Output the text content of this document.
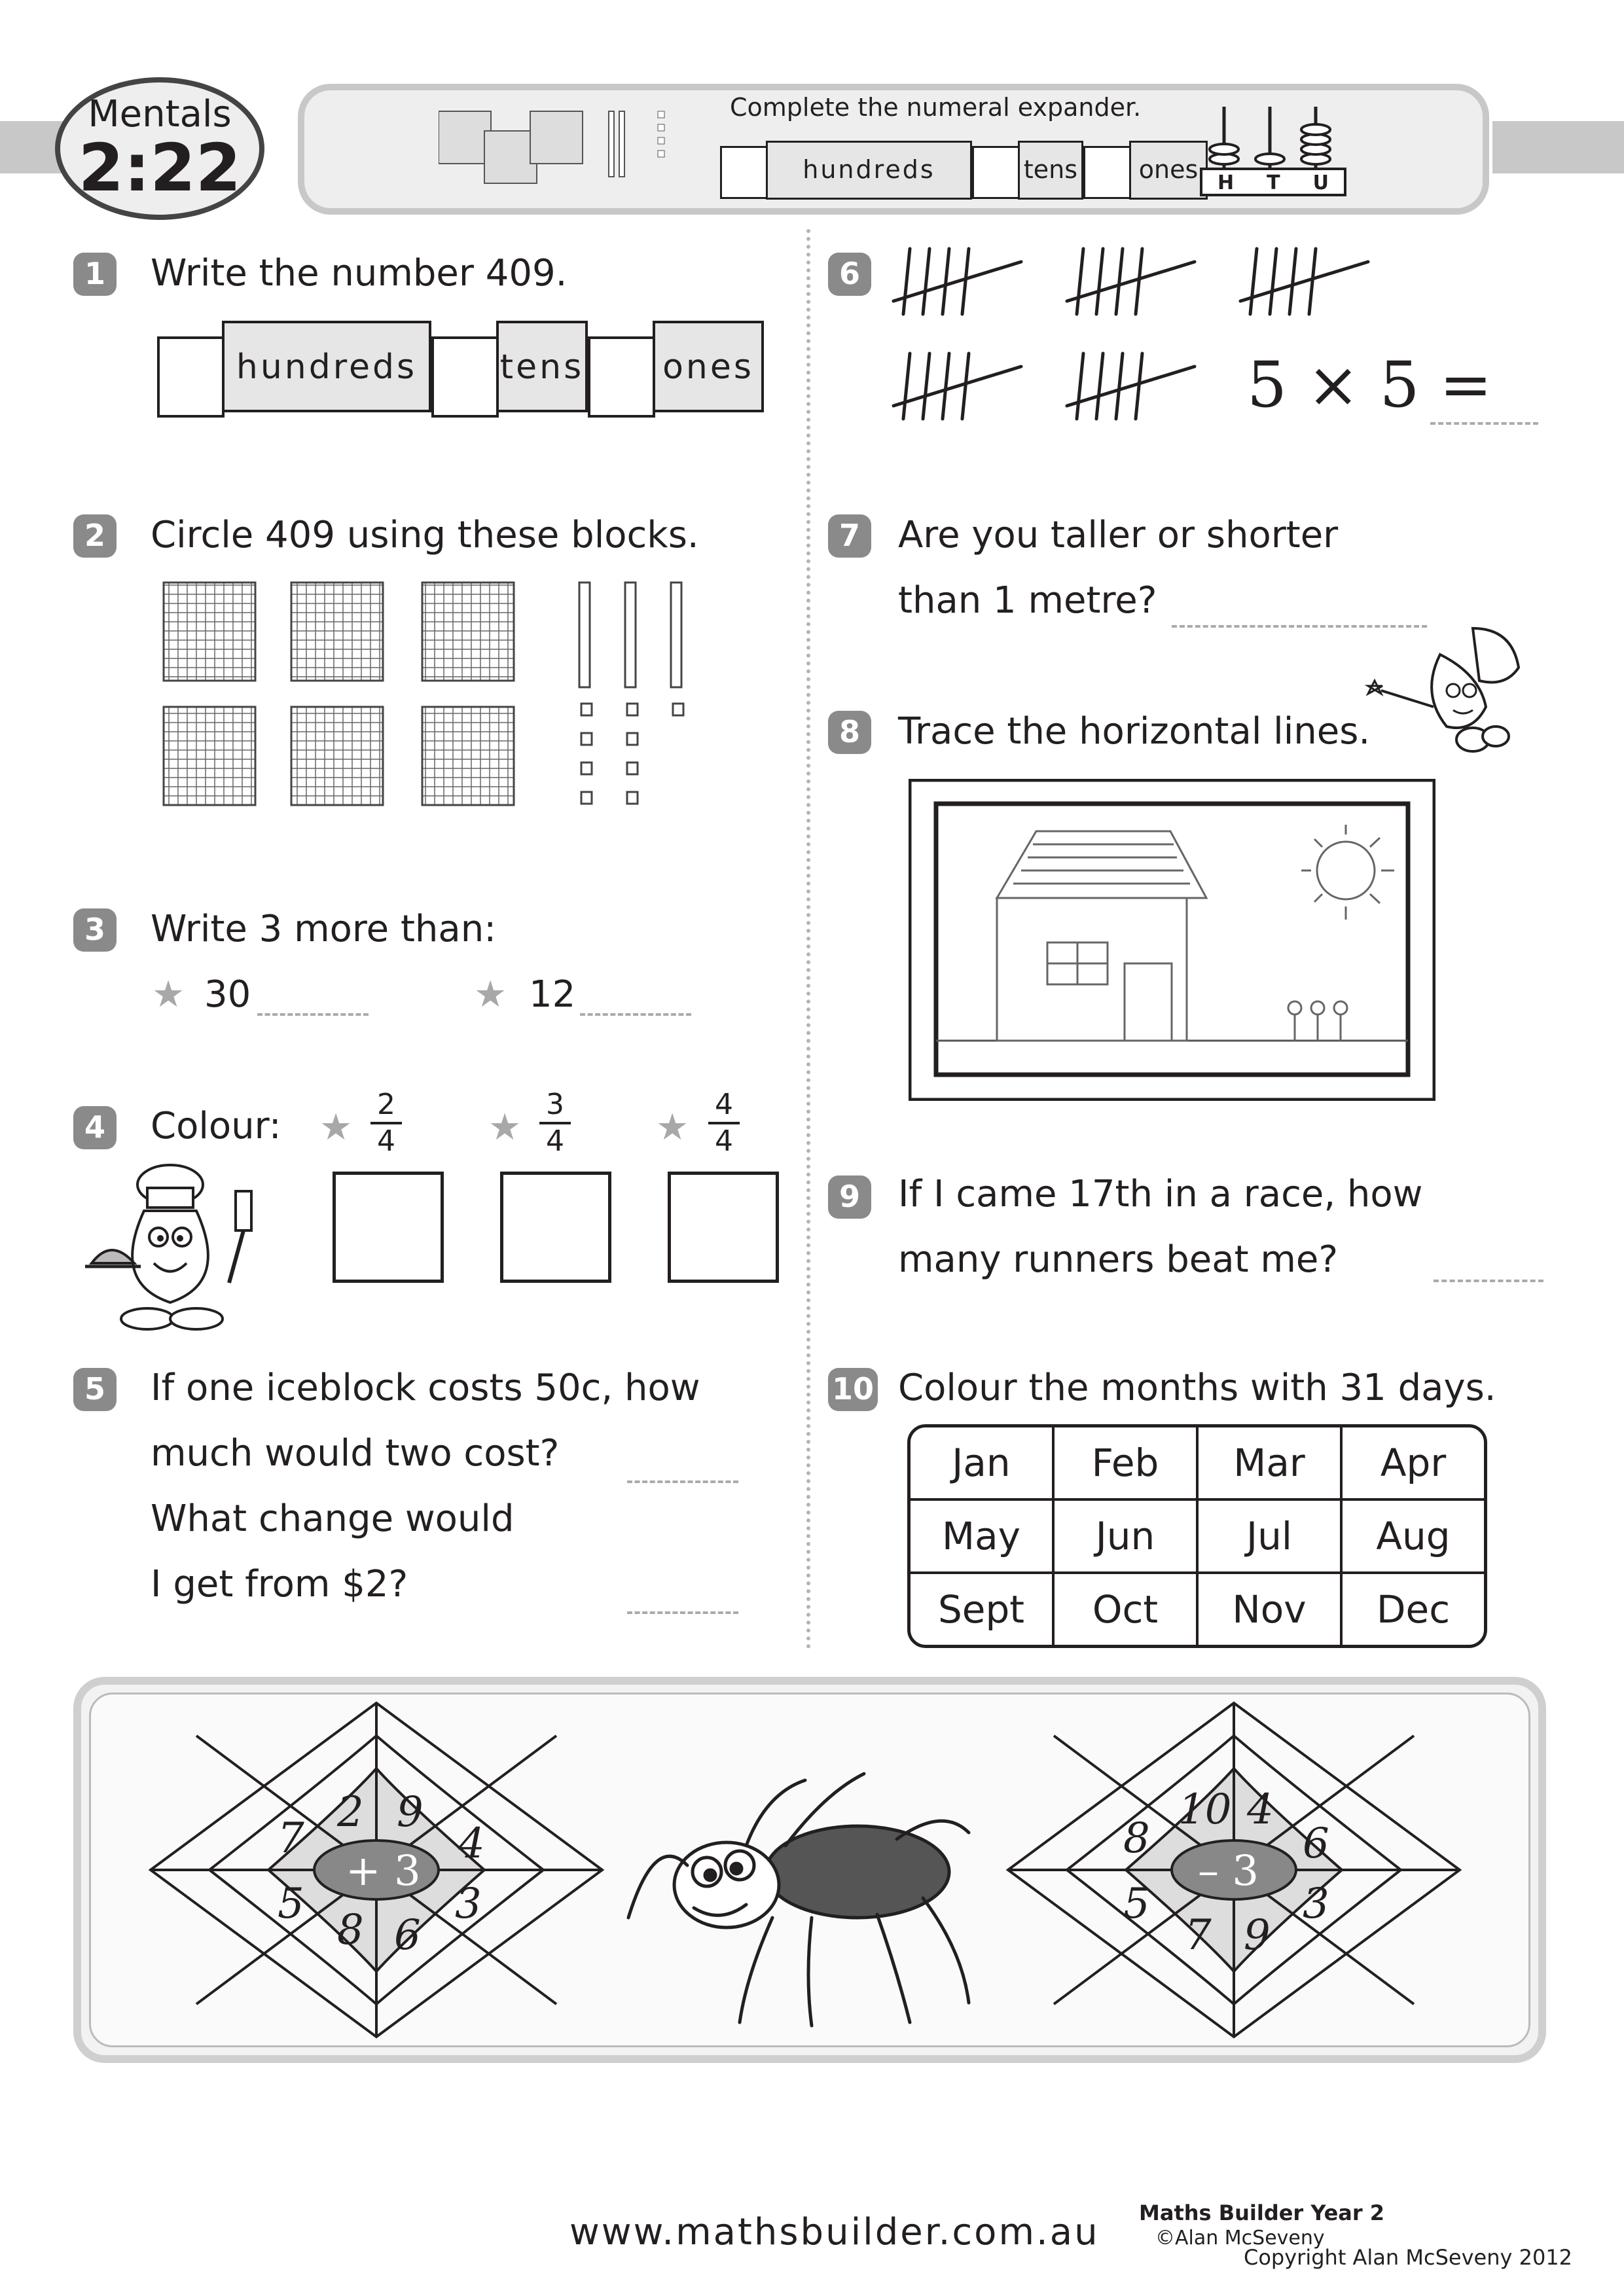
Mentals
2:22
Complete the numeral expander.
hundreds	tens	ones H T U
1	Write the number 409.
hundreds	tens ones
2	Circle 409 using these blocks.
3	Write 3 more than:
★ 30	★ 12
4	Colour: ★
2
4	★
3
4	★
4
4
5	If one iceblock costs 50c, how
much would two cost?
What change would
I get from $2?
6
5 × 5 =
7	Are you taller or shorter
than 1 metre?
8	Trace the horizontal lines.
9	If I came 17th in a race, how
many runners beat me?
10 Colour the months with 31 days.
Jan	Feb	Mar	Apr
May	Jun	Jul	Aug
Sept	Oct	Nov	Dec
+ 3
2 9
4
3
6
8
5
7
– 3
10 4
6
3
9
7
5
8
www.mathsbuilder.com.au Maths Builder Year 2
©Alan McSeveny
Copyright Alan McSeveny 2012
